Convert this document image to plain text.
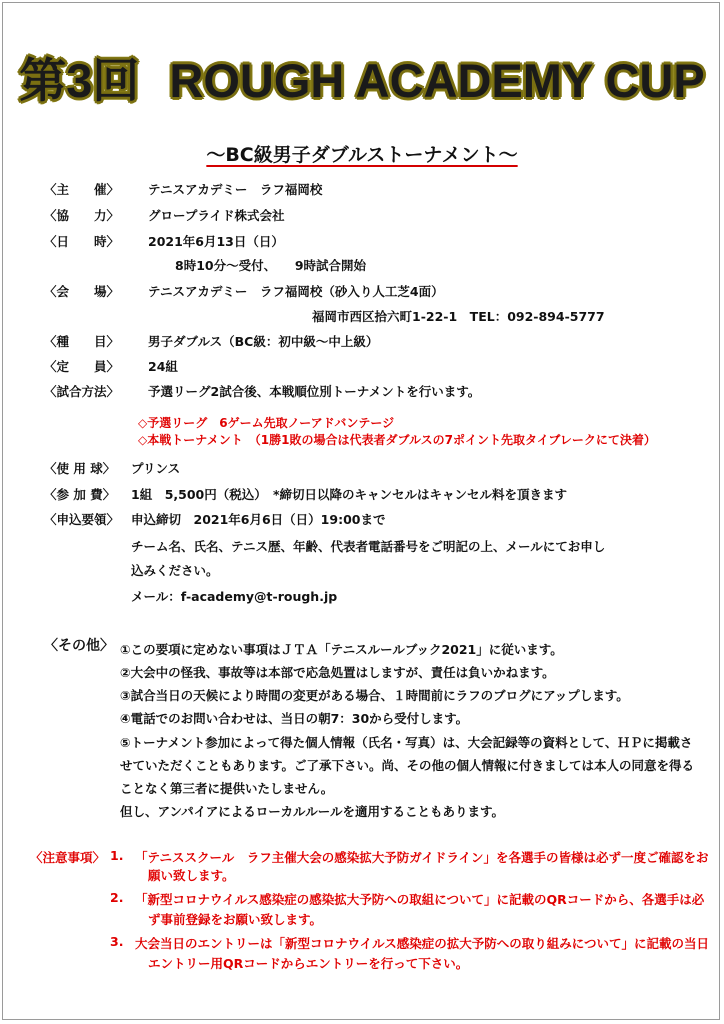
第3回 ROUGH ACADEMY CUP
～BC級男子ダブルストーナメント～
〈主　　催〉 テニスアカデミー　ラフ福岡校
〈協　　力〉 グロープライド株式会社
〈日　　時〉 2021年6月13日（日）
8時10分～受付、　　9時試合開始
〈会　　場〉 テニスアカデミー　ラフ福岡校（砂入り人工芝4面）
福岡市西区拾六町1-22-1　TEL：092-894-5777
〈種　　目〉 男子ダブルス（BC級：初中級～中上級）
〈定　　員〉 24組
〈試合方法〉 予選リーグ2試合後、本戦順位別トーナメントを行います。
◇予選リーグ　6ゲーム先取ノーアドバンテージ
◇本戦トーナメント　（1勝1敗の場合は代表者ダブルスの7ポイント先取タイブレークにて決着）
〈使 用 球〉 プリンス
〈参 加 費〉 1組　5,500円（税込）　*締切日以降のキャンセルはキャンセル料を頂きます
〈申込要領〉 申込締切　2021年6月6日（日）19:00まで
チーム名、氏名、テニス歴、年齢、代表者電話番号をご明記の上、メールにてお申し
込みください。
メール：f-academy@t-rough.jp
〈その他〉 ①この要項に定めない事項はＪＴＡ「テニスルールブック2021」に従います。
②大会中の怪我、事故等は本部で応急処置はしますが、責任は負いかねます。
③試合当日の天候により時間の変更がある場合、１時間前にラフのブログにアップします。
④電話でのお問い合わせは、当日の朝7：30から受付します。
⑤トーナメント参加によって得た個人情報（氏名・写真）は、大会記録等の資料として、ＨＰに掲載さ
せていただくこともあります。ご了承下さい。尚、その他の個人情報に付きましては本人の同意を得る
ことなく第三者に提供いたしません。
但し、アンパイアによるローカルルールを適用することもあります。
〈注意事項〉 1. 「テニススクール　ラフ主催大会の感染拡大予防ガイドライン」を各選手の皆様は必ず一度ご確認をお
願い致します。
2. 「新型コロナウイルス感染症の感染拡大予防への取組について」に記載のQRコードから、各選手は必
ず事前登録をお願い致します。
3. 大会当日のエントリーは「新型コロナウイルス感染症の拡大予防への取り組みについて」に記載の当日
エントリー用QRコードからエントリーを行って下さい。
